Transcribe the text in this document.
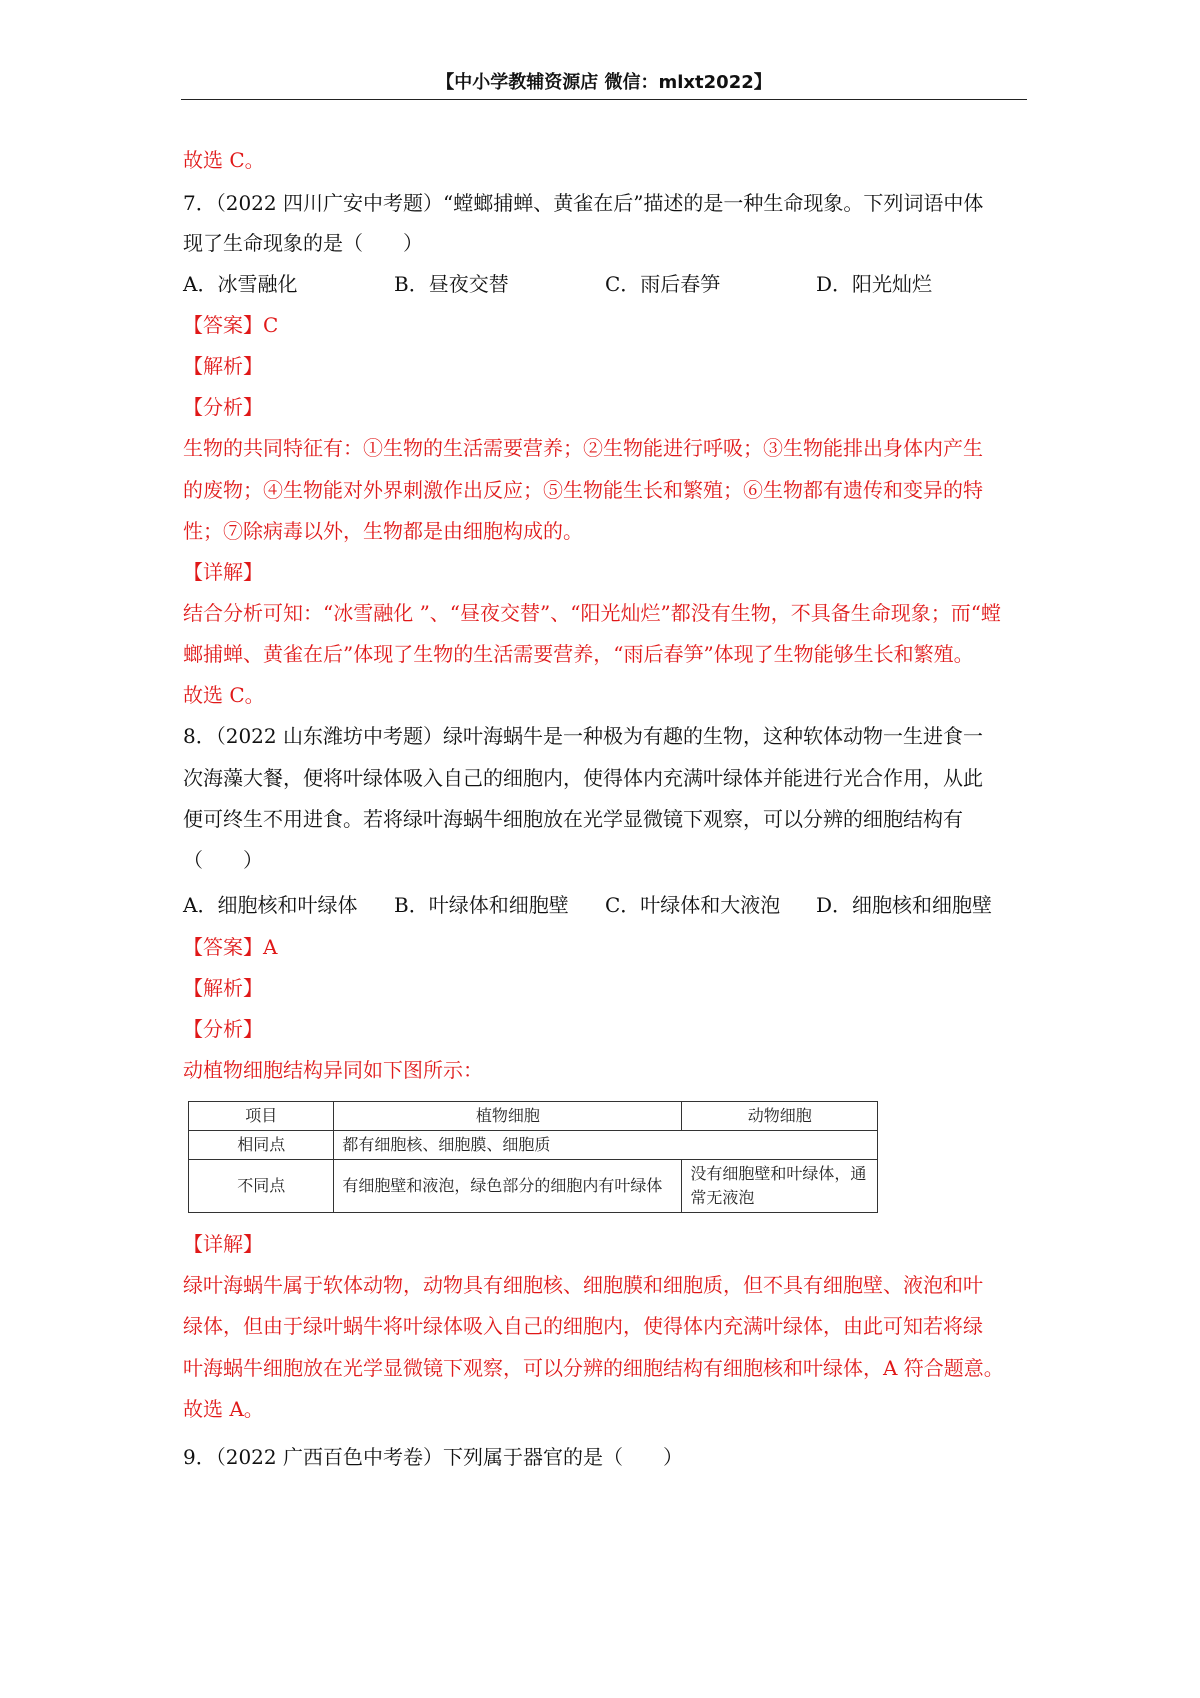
【中小学教辅资源店 微信：mlxt2022】
故选 C。
7．（2022 四川广安中考题）“螳螂捕蝉、黄雀在后”描述的是一种生命现象。下列词语中体
现了生命现象的是（　　）
A．冰雪融化	B．昼夜交替	C．雨后春笋	D．阳光灿烂
【答案】C
【解析】
【分析】
生物的共同特征有：①生物的生活需要营养；②生物能进行呼吸；③生物能排出身体内产生
的废物；④生物能对外界刺激作出反应；⑤生物能生长和繁殖；⑥生物都有遗传和变异的特
性；⑦除病毒以外，生物都是由细胞构成的。
【详解】
结合分析可知：“冰雪融化 ”、“昼夜交替”、“阳光灿烂”都没有生物，不具备生命现象；而“螳
螂捕蝉、黄雀在后”体现了生物的生活需要营养，“雨后春笋”体现了生物能够生长和繁殖。
故选 C。
8．（2022 山东潍坊中考题）绿叶海蜗牛是一种极为有趣的生物，这种软体动物一生进食一
次海藻大餐，便将叶绿体吸入自己的细胞内，使得体内充满叶绿体并能进行光合作用，从此
便可终生不用进食。若将绿叶海蜗牛细胞放在光学显微镜下观察，可以分辨的细胞结构有
（　　）
A．细胞核和叶绿体 B．叶绿体和细胞壁 C．叶绿体和大液泡 D．细胞核和细胞壁
【答案】A
【解析】
【分析】
动植物细胞结构异同如下图所示：
项目	植物细胞	动物细胞
相同点	都有细胞核、细胞膜、细胞质	
不同点	有细胞壁和液泡，绿色部分的细胞内有叶绿体	没有细胞壁和叶绿体，通常无液泡
【详解】
绿叶海蜗牛属于软体动物，动物具有细胞核、细胞膜和细胞质，但不具有细胞壁、液泡和叶
绿体，但由于绿叶蜗牛将叶绿体吸入自己的细胞内，使得体内充满叶绿体，由此可知若将绿
叶海蜗牛细胞放在光学显微镜下观察，可以分辨的细胞结构有细胞核和叶绿体，A 符合题意。
故选 A。
9．（2022 广西百色中考卷）下列属于器官的是（　　）
